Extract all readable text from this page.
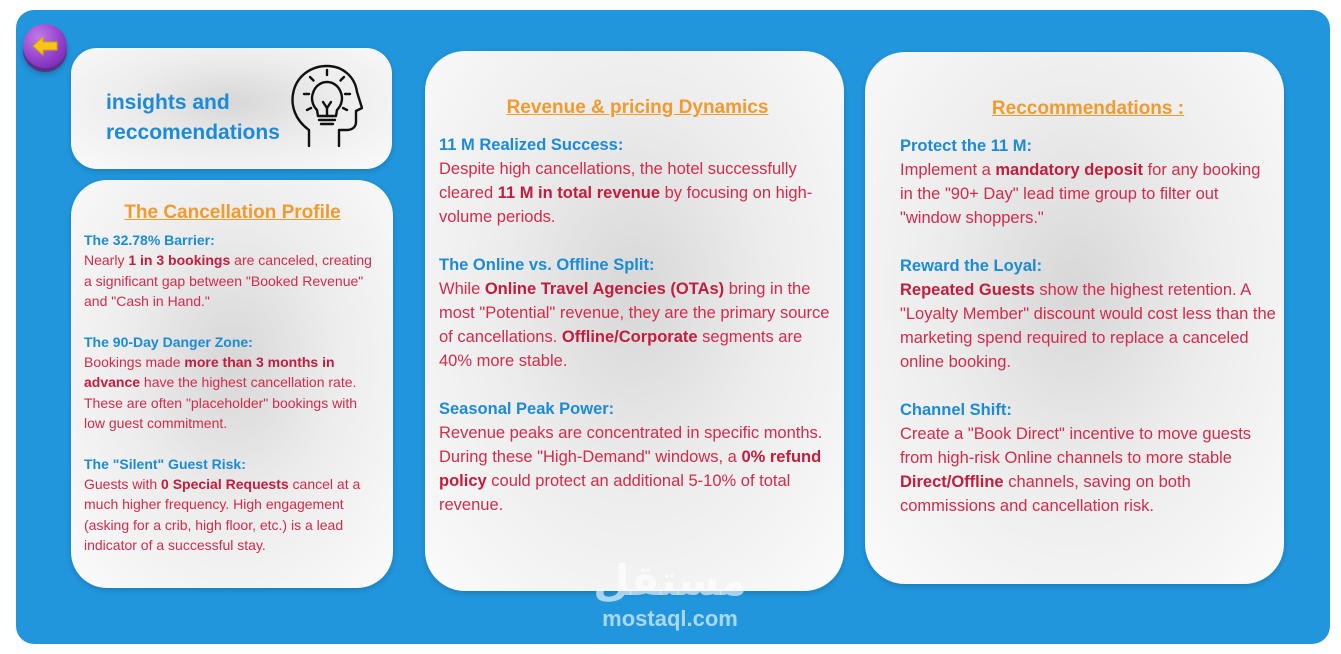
insights and
reccomendations

The Cancellation Profile

The 32.78% Barrier:

Nearly 1 in 3 bookings are canceled, creating a significant gap between "Booked Revenue" and "Cash in Hand."

The 90-Day Danger Zone:

Bookings made more than 3 months in advance have the highest cancellation rate. These are often "placeholder" bookings with low guest commitment.

The "Silent" Guest Risk:

Guests with 0 Special Requests cancel at a much higher frequency. High engagement (asking for a crib, high floor, etc.) is a lead indicator of a successful stay.

Revenue & pricing Dynamics

11 M Realized Success:

Despite high cancellations, the hotel successfully cleared 11 M in total revenue by focusing on high-volume periods.

The Online vs. Offline Split:

While Online Travel Agencies (OTAs) bring in the most "Potential" revenue, they are the primary source of cancellations. Offline/Corporate segments are 40% more stable.

Seasonal Peak Power:

Revenue peaks are concentrated in specific months. During these "High-Demand" windows, a 0% refund policy could protect an additional 5-10% of total revenue.

Reccommendations :

Protect the 11 M:

Implement a mandatory deposit for any booking in the "90+ Day" lead time group to filter out "window shoppers."

Reward the Loyal:

Repeated Guests show the highest retention. A "Loyalty Member" discount would cost less than the marketing spend required to replace a canceled online booking.

Channel Shift:

Create a "Book Direct" incentive to move guests from high-risk Online channels to more stable Direct/Offline channels, saving on both commissions and cancellation risk.

مستقل

mostaql.com
